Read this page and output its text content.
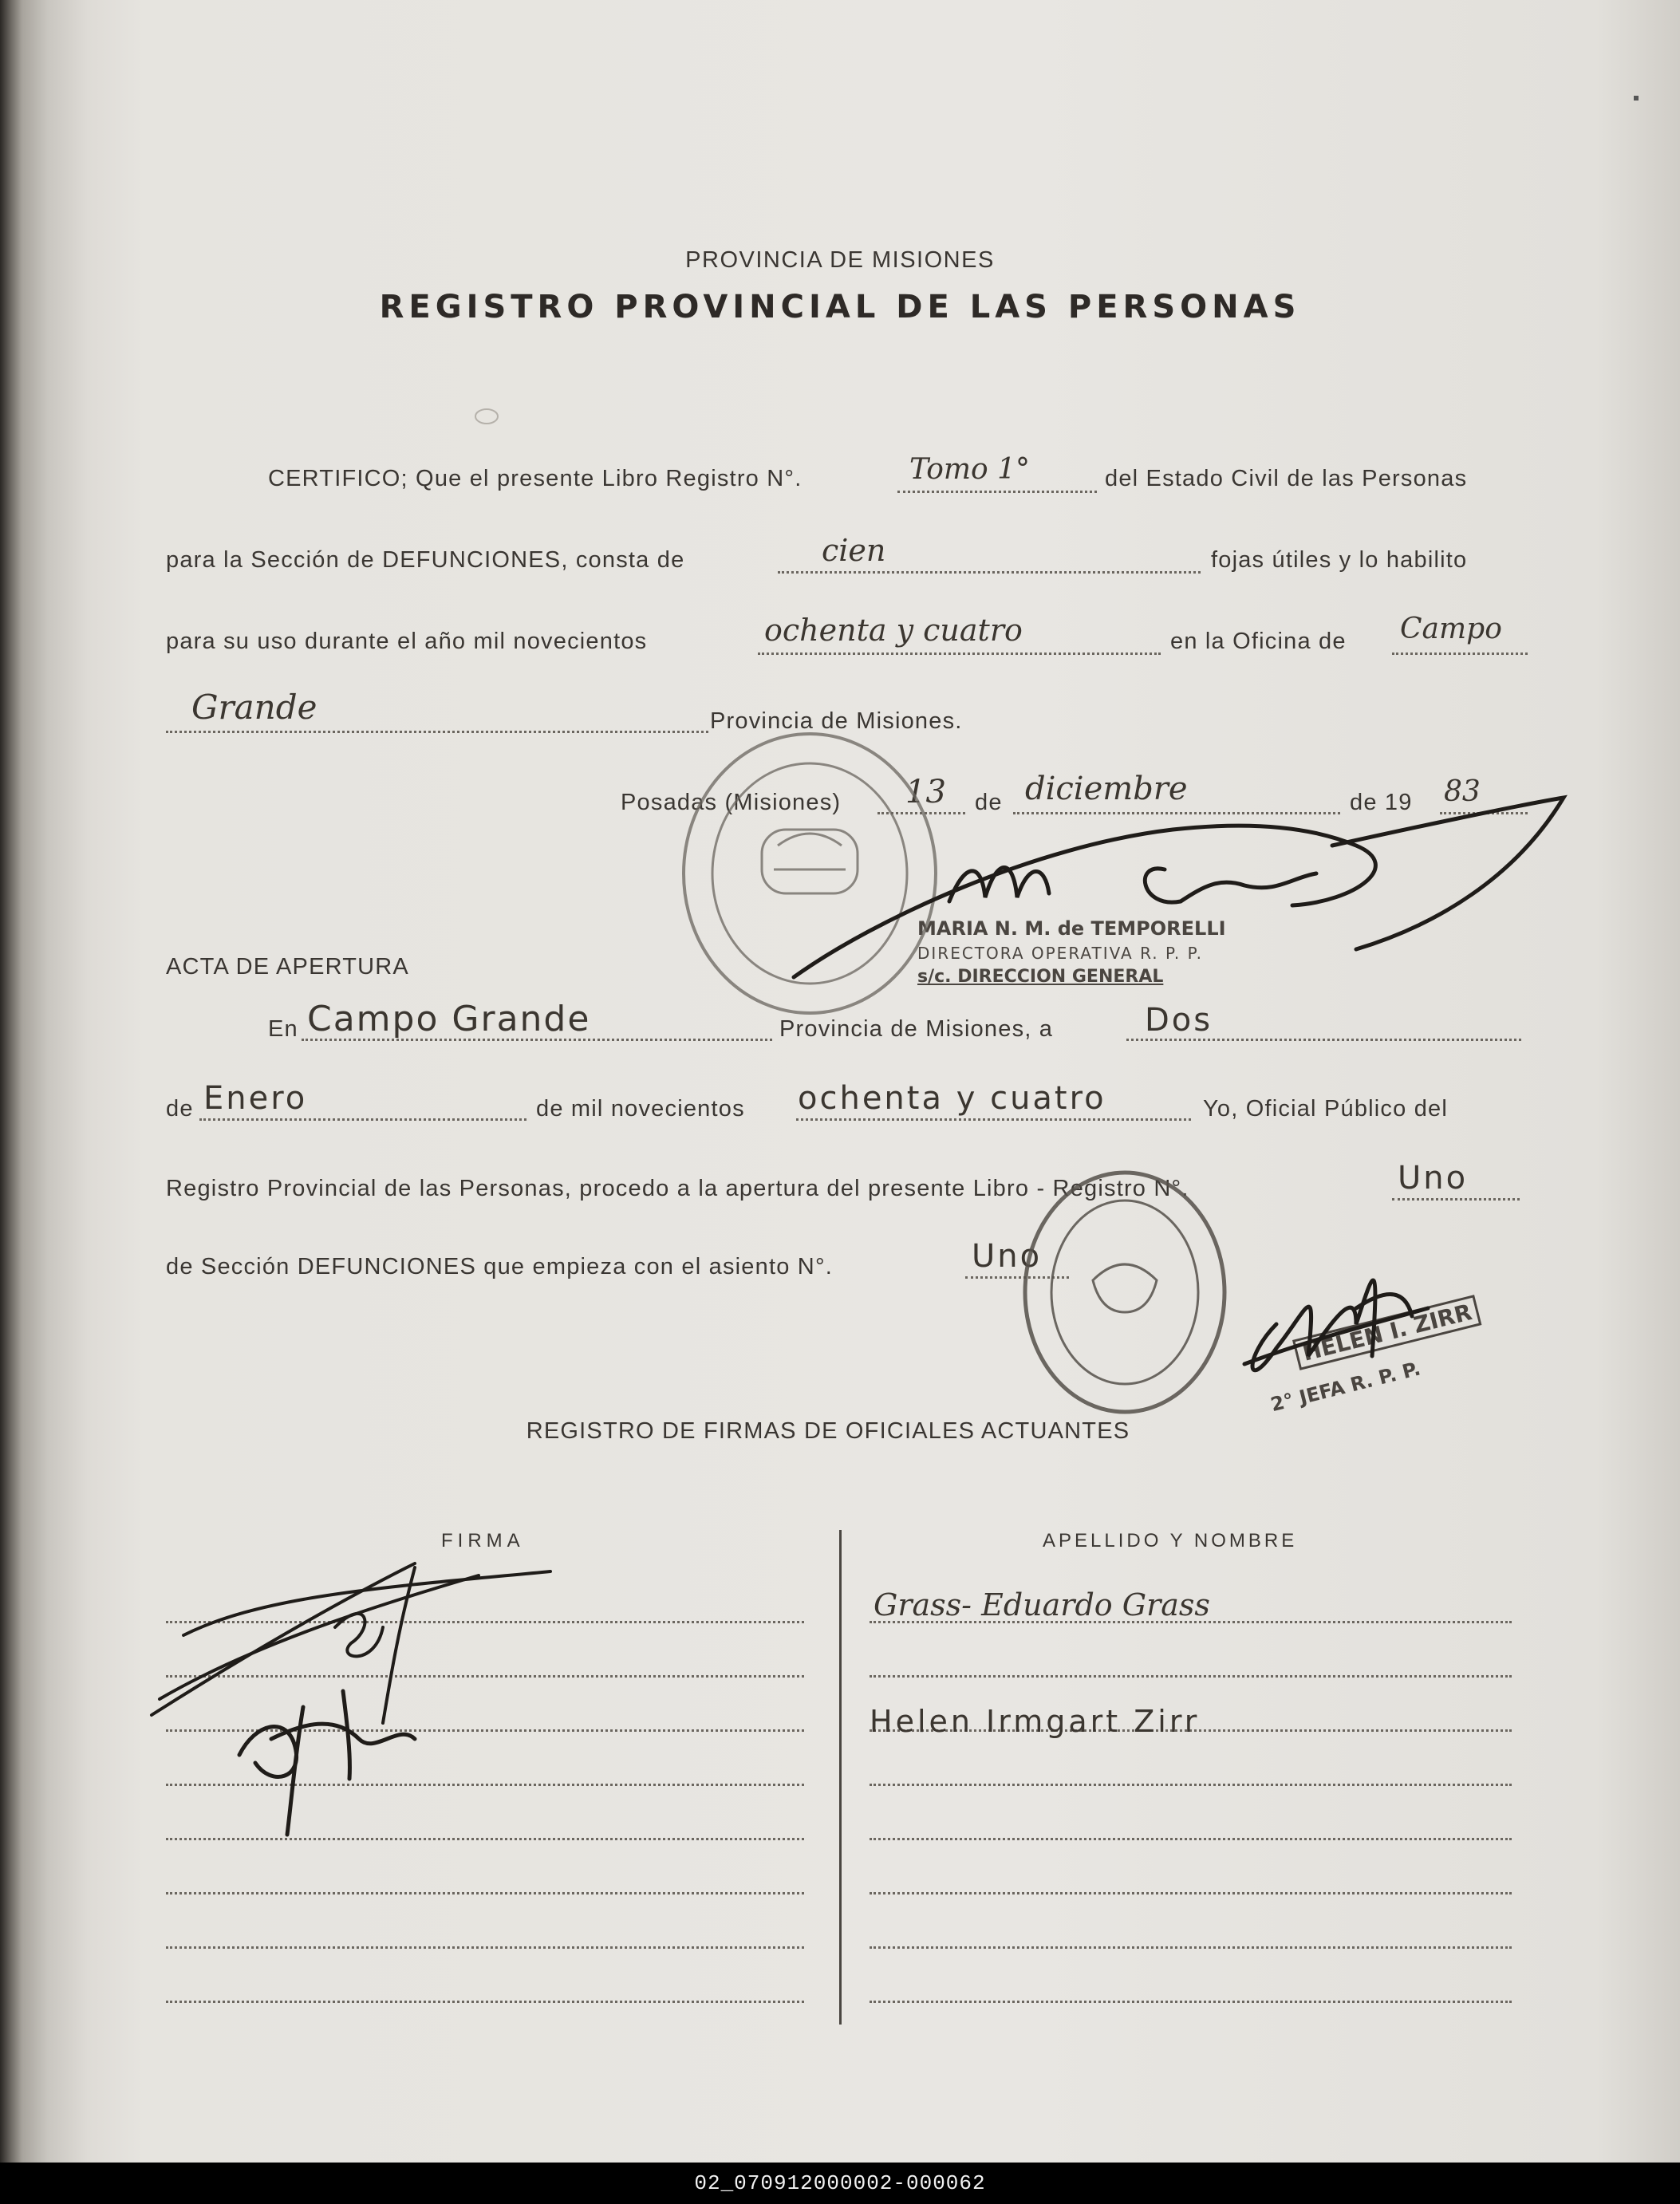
PROVINCIA DE MISIONES
REGISTRO PROVINCIAL DE LAS PERSONAS
CERTIFICO; Que el presente Libro Registro N°.	Tomo 1°	del Estado Civil de las Personas
para la Sección de DEFUNCIONES, consta de	cien	fojas útiles y lo habilito
para su uso durante el año mil novecientos	ochenta y cuatro	en la Oficina de Campo
Grande	Provincia de Misiones.
Posadas (Misiones) 13 de diciembre	de 19 83
MARIA N. M. de TEMPORELLI
DIRECTORA OPERATIVA R. P. P.
s/c. DIRECCION GENERAL
ACTA DE APERTURA
En Campo Grande	Provincia de Misiones, a	Dos
de Enero	de mil novecientos ochenta y cuatro	Yo, Oficial Público del
Registro Provincial de las Personas, procedo a la apertura del presente Libro - Registro N°.	Uno
de Sección DEFUNCIONES que empieza con el asiento N°.	Uno
HELEN I. ZIRR
2° JEFA R. P. P.
REGISTRO DE FIRMAS DE OFICIALES ACTUANTES
FIRMA	APELLIDO Y NOMBRE
Grass- Eduardo Grass
Helen Irmgart Zirr
02_070912000002-000062
